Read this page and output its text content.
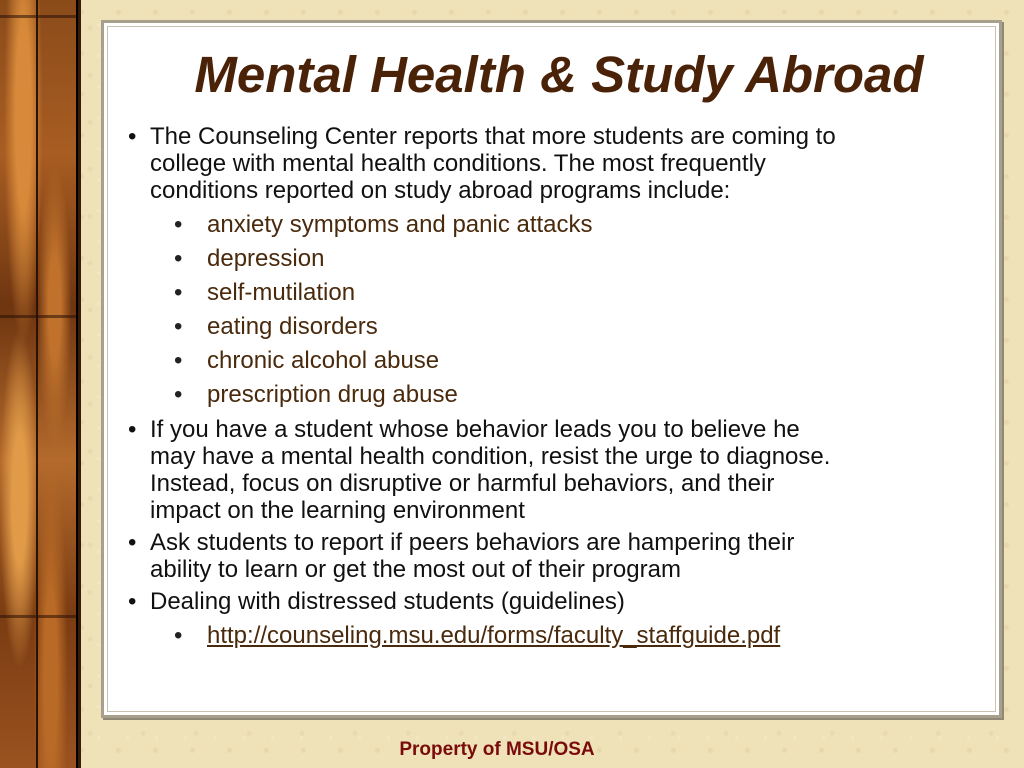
Mental Health & Study Abroad
• The Counseling Center reports that more students are coming to
college with mental health conditions. The most frequently
conditions reported on study abroad programs include:
• anxiety symptoms and panic attacks
• depression
• self-mutilation
• eating disorders
• chronic alcohol abuse
• prescription drug abuse
• If you have a student whose behavior leads you to believe he
may have a mental health condition, resist the urge to diagnose.
Instead, focus on disruptive or harmful behaviors, and their
impact on the learning environment
• Ask students to report if peers behaviors are hampering their
ability to learn or get the most out of their program
• Dealing with distressed students (guidelines)
• http://counseling.msu.edu/forms/faculty_staffguide.pdf
Property of MSU/OSA
